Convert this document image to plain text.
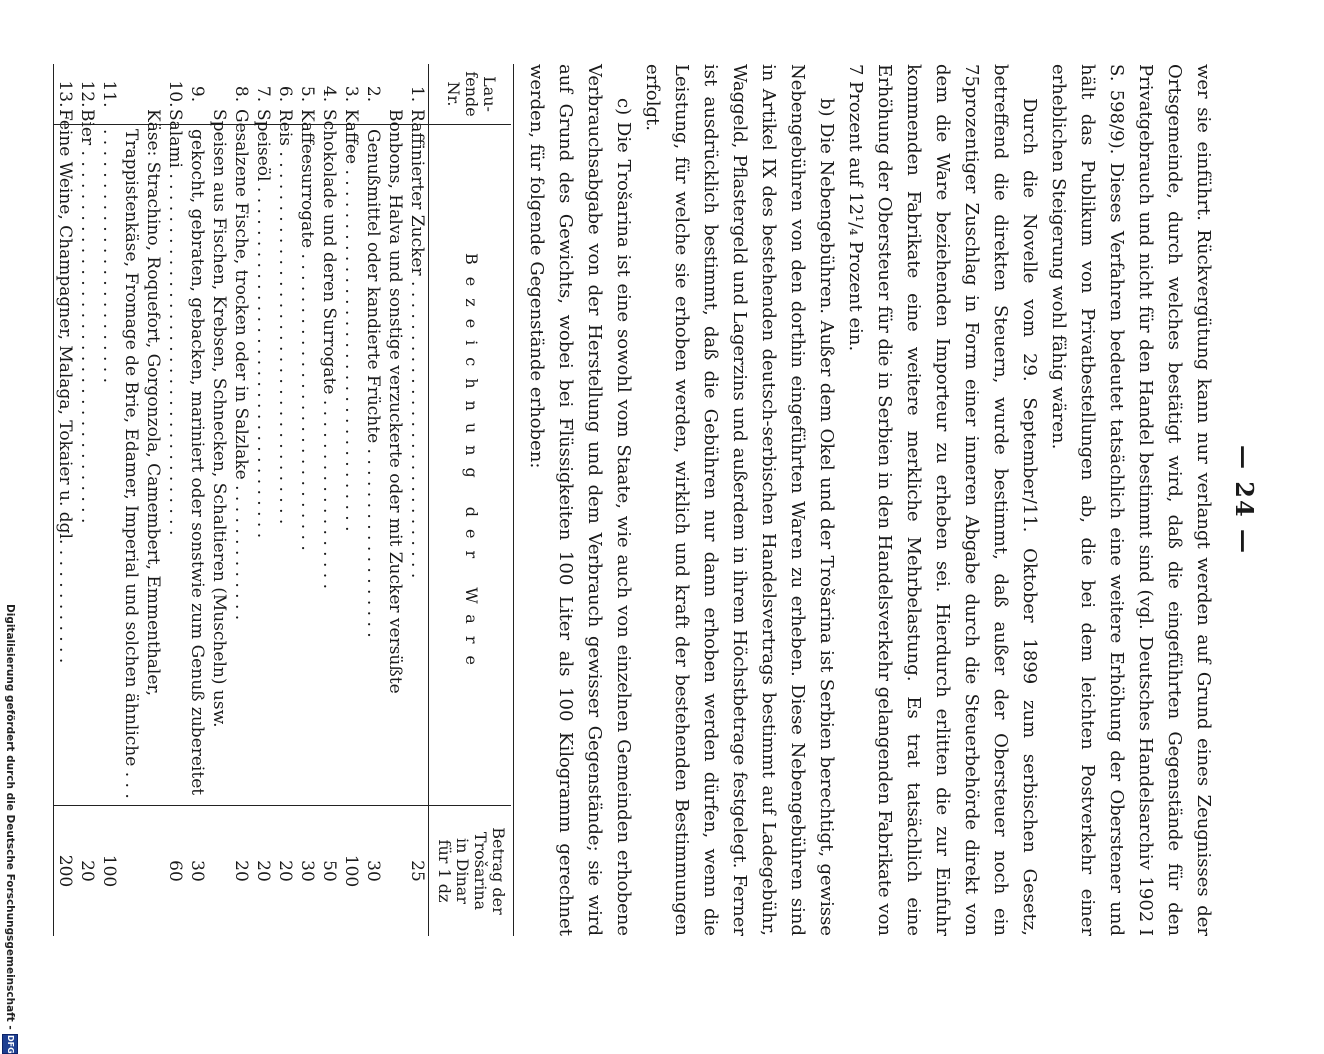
— 24 —

wer sie einführt. Rückvergütung kann nur verlangt werden auf Grund eines Zeugnisses der Ortsgemeinde, durch welches bestätigt wird, daß die eingeführten Gegenstände für den Privatgebrauch und nicht für den Handel bestimmt sind (vgl. Deutsches Handelsarchiv 1902 I S. 598/9). Dieses Verfahren bedeutet tatsächlich eine weitere Erhöhung der Oberstener und hält das Publikum von Privatbestellungen ab, die bei dem leichten Postverkehr einer erheblichen Steigerung wohl fähig wären.

Durch die Novelle vom 29. September/11. Oktober 1899 zum serbischen Gesetz, betreffend die direkten Steuern, wurde bestimmt, daß außer der Obersteuer noch ein 75prozentiger Zuschlag in Form einer inneren Abgabe durch die Steuerbehörde direkt von dem die Ware beziehenden Importeur zu erheben sei. Hierdurch erlitten die zur Einfuhr kommenden Fabrikate eine weitere merkliche Mehrbelastung. Es trat tatsächlich eine Erhöhung der Obersteuer für die in Serbien in den Handelsverkehr gelangenden Fabrikate von 7 Prozent auf 12¹/₄ Prozent ein.

b) Die Nebengebühren. Außer dem Okel und der Trošarina ist Serbien berechtigt, gewisse Nebengebühren von den dorthin eingeführten Waren zu erheben. Diese Nebengebühren sind in Artikel IX des bestehenden deutsch-serbischen Handelsvertrags bestimmt auf Ladegebühr, Waggeld, Pflastergeld und Lagerzins und außerdem in ihrem Höchstbetrage festgelegt. Ferner ist ausdrücklich bestimmt, daß die Gebühren nur dann erhoben werden dürfen, wenn die Leistung, für welche sie erhoben werden, wirklich und kraft der bestehenden Bestimmungen erfolgt.

c) Die Trošarina ist eine sowohl vom Staate, wie auch von einzelnen Gemeinden erhobene Verbrauchsabgabe von der Herstellung und dem Verbrauch gewisser Gegenstände; sie wird auf Grund des Gewichts, wobei bei Flüssigkeiten 100 Liter als 100 Kilogramm gerechnet werden, für folgende Gegenstände erhoben:

Lau-
fende
Nr.	Bezeichnung der Ware	Betrag der
Trošarina
in Dinar
für 1 dz
1.	Raffinierter Zucker . . . . . . . . . . . . . . . . . . . . . . . . . . . .	25
2.	Bonbons, Halva und sonstige verzuckerte oder mit Zucker versüßte Genußmittel oder kandierte Früchte . . . . . . . . . . . . . . . . . .	30
3.	Kaffee . . . . . . . . . . . . . . . . . . . . . . . . . . . . . . . . . .	100
4.	Schokolade und deren Surrogate . . . . . . . . . . . . . . . . . .	50
5.	Kaffeesurrogate . . . . . . . . . . . . . . . . . . . . . . . . . . . .	30
6.	Reis . . . . . . . . . . . . . . . . . . . . . . . . . . . . . . . . . . .	20
7.	Speiseöl . . . . . . . . . . . . . . . . . . . . . . . . . . . . . . . . .	20
8.	Gesalzene Fische, trocken oder in Salzlake . . . . . . . . . . . . .	20
9.	Speisen aus Fischen, Krebsen, Schnecken, Schaltieren (Muscheln) usw. gekocht, gebraten, gebacken, mariniert oder sonstwie zum Genuß zubereitet	30
10.	Salami . . . . . . . . . . . . . . . . . . . . . . . . . . . . . . . . . .	60
11.	Käse: Strachino, Roquefort, Gorgonzola, Camembert, Emmenthaler, Trappistenkäse, Fromage de Brie, Edamer, Imperial und solchen ähnliche . . . . . . . . . . . . . . . . . . . . . . . . . . .	100
12.	Bier . . . . . . . . . . . . . . . . . . . . . . . . . . . . . . . . . . .	20
13.	Feine Weine, Champagner, Malaga, Tokaier u. dgl. . . . . . . . . . . .	200
Digitalisierung gefördert durch die Deutsche Forschungsgemeinschaft -
DFG
